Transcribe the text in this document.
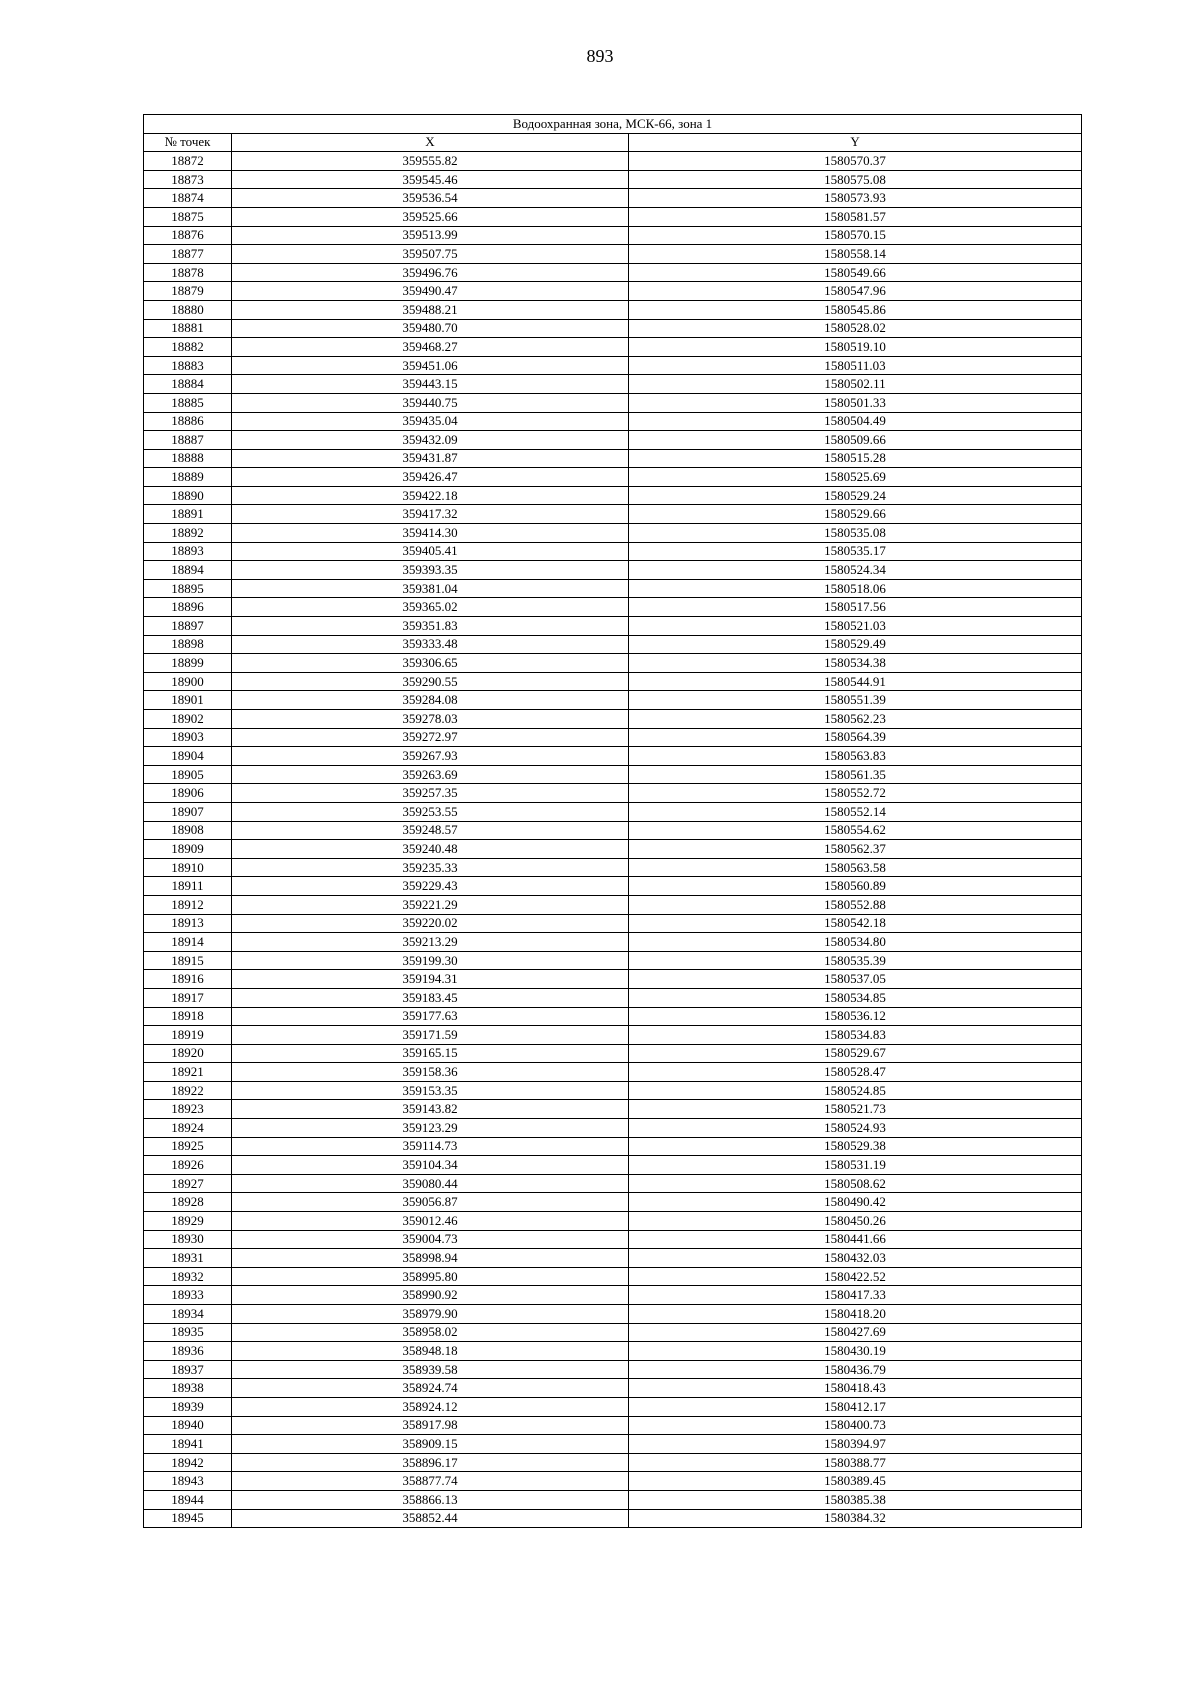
893
Водоохранная зона, МСК-66, зона 1		
№ точек	X	Y
18872	359555.82	1580570.37
18873	359545.46	1580575.08
18874	359536.54	1580573.93
18875	359525.66	1580581.57
18876	359513.99	1580570.15
18877	359507.75	1580558.14
18878	359496.76	1580549.66
18879	359490.47	1580547.96
18880	359488.21	1580545.86
18881	359480.70	1580528.02
18882	359468.27	1580519.10
18883	359451.06	1580511.03
18884	359443.15	1580502.11
18885	359440.75	1580501.33
18886	359435.04	1580504.49
18887	359432.09	1580509.66
18888	359431.87	1580515.28
18889	359426.47	1580525.69
18890	359422.18	1580529.24
18891	359417.32	1580529.66
18892	359414.30	1580535.08
18893	359405.41	1580535.17
18894	359393.35	1580524.34
18895	359381.04	1580518.06
18896	359365.02	1580517.56
18897	359351.83	1580521.03
18898	359333.48	1580529.49
18899	359306.65	1580534.38
18900	359290.55	1580544.91
18901	359284.08	1580551.39
18902	359278.03	1580562.23
18903	359272.97	1580564.39
18904	359267.93	1580563.83
18905	359263.69	1580561.35
18906	359257.35	1580552.72
18907	359253.55	1580552.14
18908	359248.57	1580554.62
18909	359240.48	1580562.37
18910	359235.33	1580563.58
18911	359229.43	1580560.89
18912	359221.29	1580552.88
18913	359220.02	1580542.18
18914	359213.29	1580534.80
18915	359199.30	1580535.39
18916	359194.31	1580537.05
18917	359183.45	1580534.85
18918	359177.63	1580536.12
18919	359171.59	1580534.83
18920	359165.15	1580529.67
18921	359158.36	1580528.47
18922	359153.35	1580524.85
18923	359143.82	1580521.73
18924	359123.29	1580524.93
18925	359114.73	1580529.38
18926	359104.34	1580531.19
18927	359080.44	1580508.62
18928	359056.87	1580490.42
18929	359012.46	1580450.26
18930	359004.73	1580441.66
18931	358998.94	1580432.03
18932	358995.80	1580422.52
18933	358990.92	1580417.33
18934	358979.90	1580418.20
18935	358958.02	1580427.69
18936	358948.18	1580430.19
18937	358939.58	1580436.79
18938	358924.74	1580418.43
18939	358924.12	1580412.17
18940	358917.98	1580400.73
18941	358909.15	1580394.97
18942	358896.17	1580388.77
18943	358877.74	1580389.45
18944	358866.13	1580385.38
18945	358852.44	1580384.32
